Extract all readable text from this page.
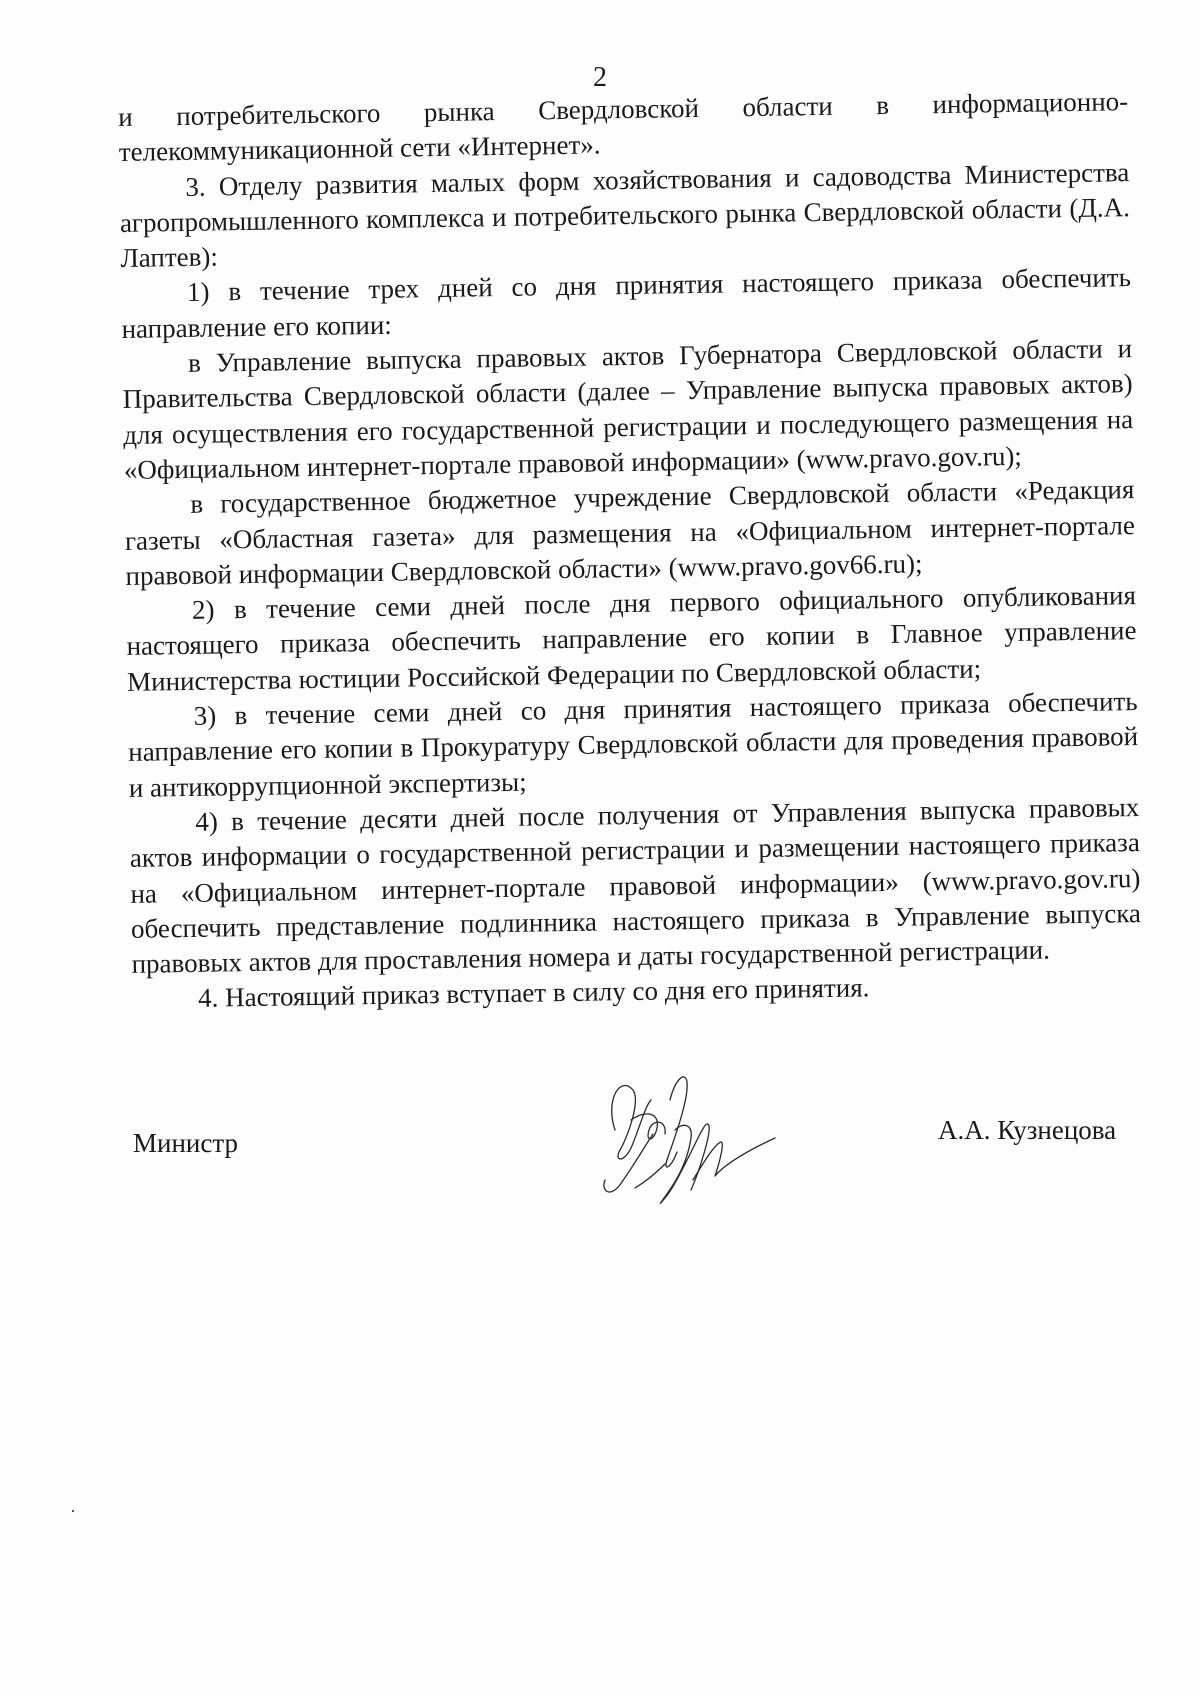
2

и потребительского рынка Свердловской области в информационно-телекоммуникационной сети «Интернет».

3. Отделу развития малых форм хозяйствования и садоводства Министерства агропромышленного комплекса и потребительского рынка Свердловской области (Д.А. Лаптев):

1) в течение трех дней со дня принятия настоящего приказа обеспечить направление его копии:

в Управление выпуска правовых актов Губернатора Свердловской области и Правительства Свердловской области (далее – Управление выпуска правовых актов) для осуществления его государственной регистрации и последующего размещения на «Официальном интернет-портале правовой информации» (www.pravo.gov.ru);

в государственное бюджетное учреждение Свердловской области «Редакция газеты «Областная газета» для размещения на «Официальном интернет-портале правовой информации Свердловской области» (www.pravo.gov66.ru);

2) в течение семи дней после дня первого официального опубликования настоящего приказа обеспечить направление его копии в Главное управление Министерства юстиции Российской Федерации по Свердловской области;

3) в течение семи дней со дня принятия настоящего приказа обеспечить направление его копии в Прокуратуру Свердловской области для проведения правовой и антикоррупционной экспертизы;

4) в течение десяти дней после получения от Управления выпуска правовых актов информации о государственной регистрации и размещении настоящего приказа на «Официальном интернет-портале правовой информации» (www.pravo.gov.ru) обеспечить представление подлинника настоящего приказа в Управление выпуска правовых актов для проставления номера и даты государственной регистрации.

4. Настоящий приказ вступает в силу со дня его принятия.

Министр	А.А. Кузнецова
